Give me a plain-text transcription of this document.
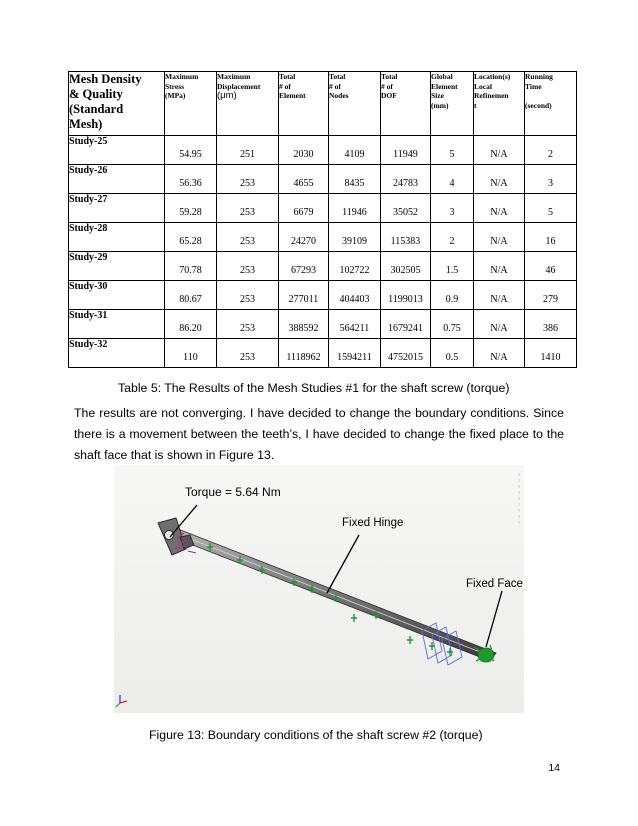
Mesh Density
& Quality
(Standard
Mesh)	Maximum
Stress
(MPa)	Maximum
Displacement
(μm)	Total
# of
Element	Total
# of
Nodes	Total
# of
DOF	Global
Element
Size
(mm)	Location(s)
Local
Refinemen
t	Running
Time

(second)
Study-25	54.95	251	2030	4109	11949	5	N/A	2
Study-26	56.36	253	4655	8435	24783	4	N/A	3
Study-27	59.28	253	6679	11946	35052	3	N/A	5
Study-28	65.28	253	24270	39109	115383	2	N/A	16
Study-29	70.78	253	67293	102722	302505	1.5	N/A	46
Study-30	80.67	253	277011	404403	1199013	0.9	N/A	279
Study-31	86.20	253	388592	564211	1679241	0.75	N/A	386
Study-32	110	253	1118962	1594211	4752015	0.5	N/A	1410
Table 5: The Results of the Mesh Studies #1 for the shaft screw (torque)
The results are not converging. I have decided to change the boundary conditions. Since there is a movement between the teeth’s, I have decided to change the fixed place to the shaft face that is shown in Figure 13.
Torque = 5.64 Nm
Fixed Hinge
Fixed Face
Figure 13: Boundary conditions of the shaft screw #2 (torque)
14
